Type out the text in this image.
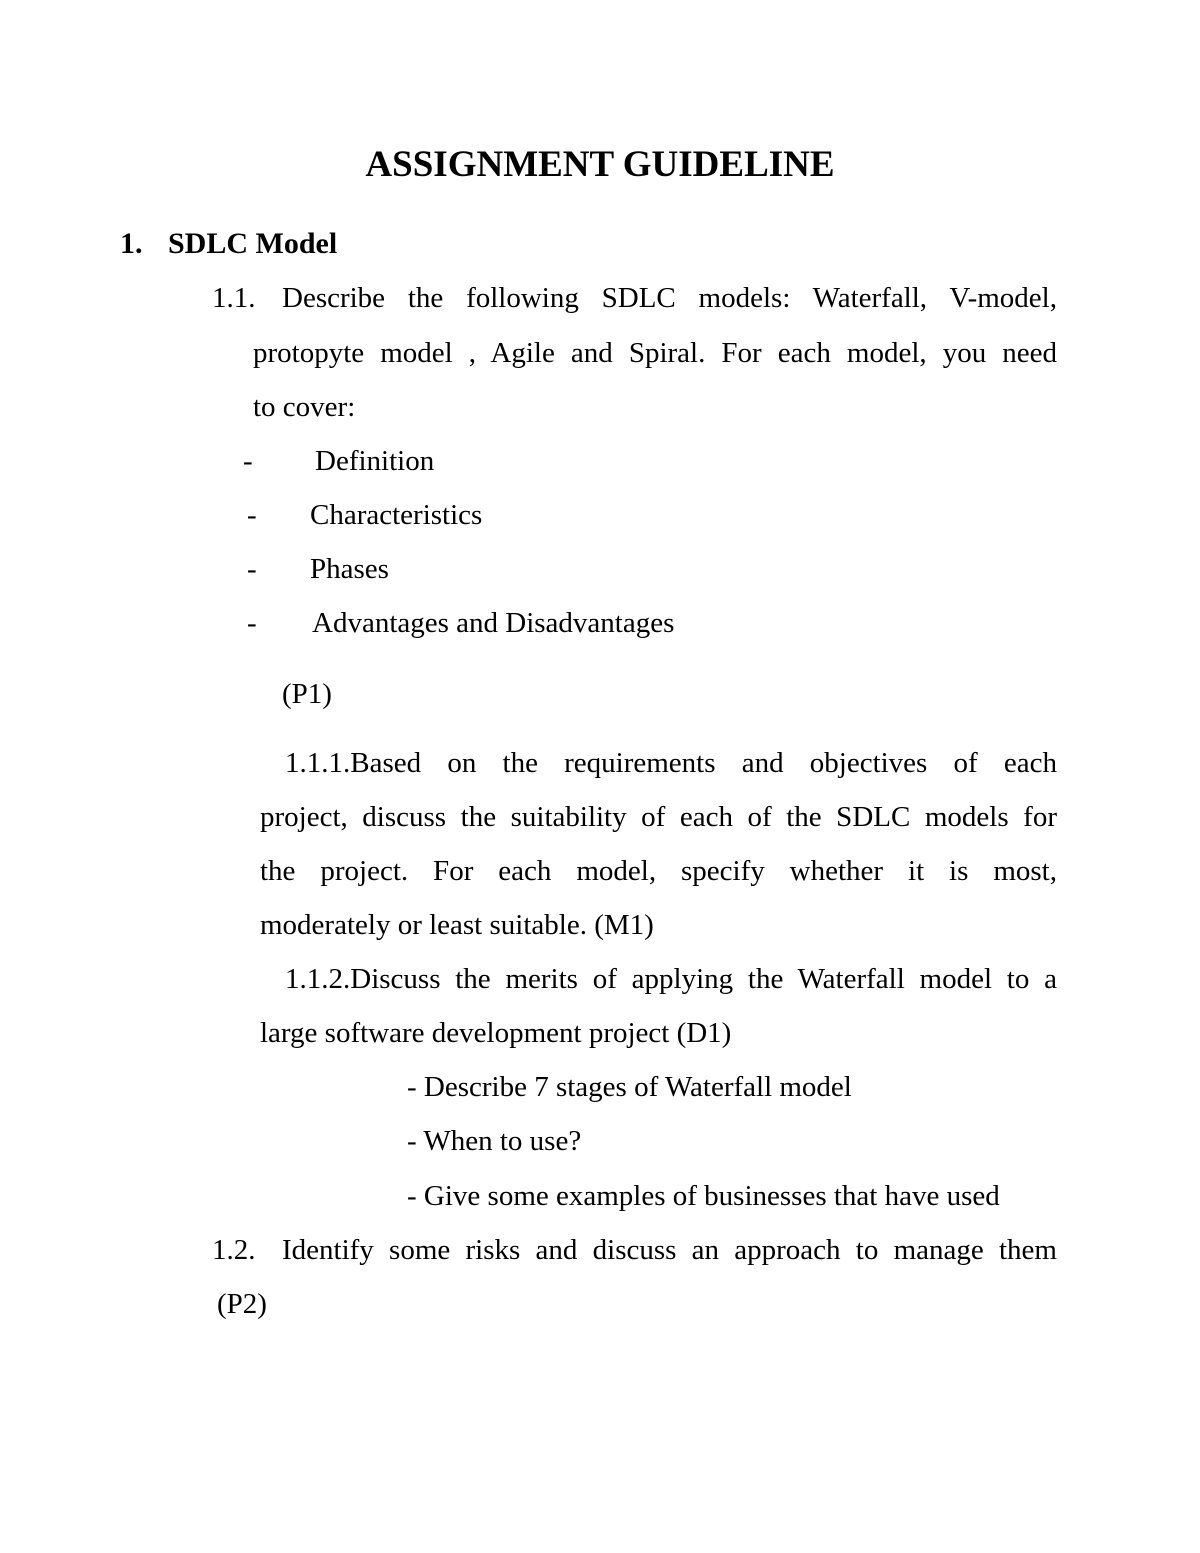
ASSIGNMENT GUIDELINE
1. SDLC Model
1.1. Describe the following SDLC models: Waterfall, V-model,
protopyte model , Agile and Spiral. For each model, you need
to cover:
- Definition
- Characteristics
- Phases
- Advantages and Disadvantages
(P1)
1.1.1.Based on the requirements and objectives of each
project, discuss the suitability of each of the SDLC models for
the project. For each model, specify whether it is most,
moderately or least suitable. (M1)
1.1.2.Discuss the merits of applying the Waterfall model to a
large software development project (D1)
- Describe 7 stages of Waterfall model
- When to use?
- Give some examples of businesses that have used
1.2. Identify some risks and discuss an approach to manage them
(P2)
